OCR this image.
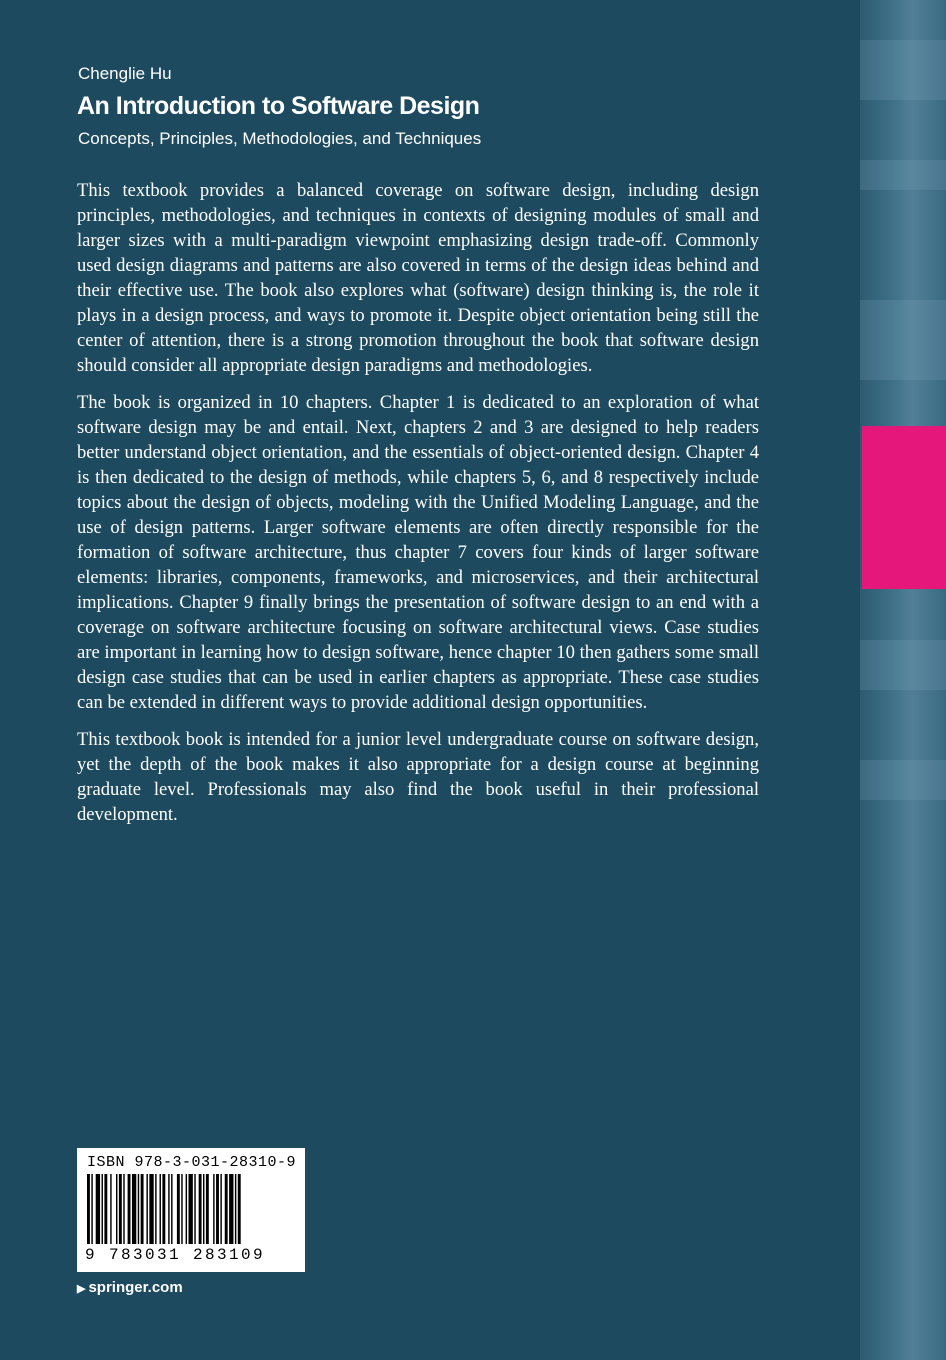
Chenglie Hu
An Introduction to Software Design
Concepts, Principles, Methodologies, and Techniques

This textbook provides a balanced coverage on software design, including design principles, methodologies, and techniques in contexts of designing modules of small and larger sizes with a multi-paradigm viewpoint emphasizing design trade-off. Commonly used design diagrams and patterns are also covered in terms of the design ideas behind and their effective use. The book also explores what (software) design thinking is, the role it plays in a design process, and ways to promote it. Despite object orientation being still the center of attention, there is a strong promotion throughout the book that software design should consider all appropriate design paradigms and methodologies.

The book is organized in 10 chapters. Chapter 1 is dedicated to an exploration of what software design may be and entail. Next, chapters 2 and 3 are designed to help readers better understand object orientation, and the essentials of object-oriented design. Chapter 4 is then dedicated to the design of methods, while chapters 5, 6, and 8 respectively include topics about the design of objects, modeling with the Unified Modeling Language, and the use of design patterns. Larger software elements are often directly responsible for the formation of software architecture, thus chapter 7 covers four kinds of larger software elements: libraries, components, frameworks, and microservices, and their architectural implications. Chapter 9 finally brings the presentation of software design to an end with a coverage on software architecture focusing on software architectural views. Case studies are important in learning how to design software, hence chapter 10 then gathers some small design case studies that can be used in earlier chapters as appropriate. These case studies can be extended in different ways to provide additional design opportunities.

This textbook book is intended for a junior level undergraduate course on software design, yet the depth of the book makes it also appropriate for a design course at beginning graduate level. Professionals may also find the book useful in their professional development.

ISBN 978-3-031-28310-9
9 783031 283109
▶ springer.com
